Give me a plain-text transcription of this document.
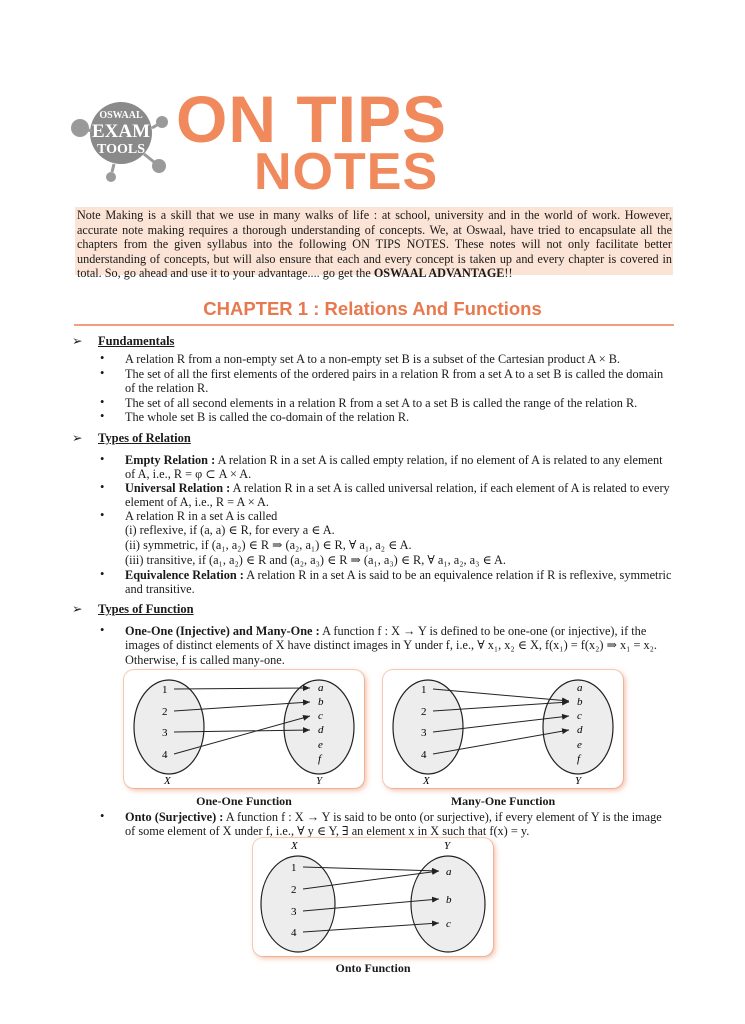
OSWAAL
EXAM
TOOLS ON TIPS
NOTES
Note Making is a skill that we use in many walks of life : at school, university and in the world of work. However, accurate note making requires a thorough understanding of concepts. We, at Oswaal, have tried to encapsulate all the chapters from the given syllabus into the following ON TIPS NOTES. These notes will not only facilitate better understanding of concepts, but will also ensure that each and every concept is taken up and every chapter is covered in total. So, go ahead and use it to your advantage.... go get the OSWAAL ADVANTAGE!!
CHAPTER 1 : Relations And Functions
➢ Fundamentals
• A relation R from a non-empty set A to a non-empty set B is a subset of the Cartesian product A × B.
• The set of all the first elements of the ordered pairs in a relation R from a set A to a set B is called the domain of the relation R.
• The set of all second elements in a relation R from a set A to a set B is called the range of the relation R.
• The whole set B is called the co-domain of the relation R.
➢ Types of Relation
• Empty Relation : A relation R in a set A is called empty relation, if no element of A is related to any element of A, i.e., R = φ ⊂ A × A.
• Universal Relation : A relation R in a set A is called universal relation, if each element of A is related to every element of A, i.e., R = A × A.
• A relation R in a set A is called
(i) reflexive, if (a, a) ∈ R, for every a ∈ A.
(ii) symmetric, if (a₁, a₂) ∈ R ⇒ (a₂, a₁) ∈ R, ∀ a₁, a₂ ∈ A.
(iii) transitive, if (a₁, a₂) ∈ R and (a₂, a₃) ∈ R ⇒ (a₁, a₃) ∈ R, ∀ a₁, a₂, a₃ ∈ A.
• Equivalence Relation : A relation R in a set A is said to be an equivalence relation if R is reflexive, symmetric and transitive.
➢ Types of Function
• One-One (Injective) and Many-One : A function f : X → Y is defined to be one-one (or injective), if the images of distinct elements of X have distinct images in Y under f, i.e., ∀ x₁, x₂ ∈ X, f(x₁) = f(x₂) ⇒ x₁ = x₂. Otherwise, f is called many-one.
1
2
3
4
a
b
c
d
e
f
X	Y
One-One Function
1
2
3
4
a
b
c
d
e
f
X	Y
Many-One Function
• Onto (Surjective) : A function f : X → Y is said to be onto (or surjective), if every element of Y is the image of some element of X under f, i.e., ∀ y ∈ Y, ∃ an element x in X such that f(x) = y.
X	Y
1
2
3
4
a
b
c
Onto Function
